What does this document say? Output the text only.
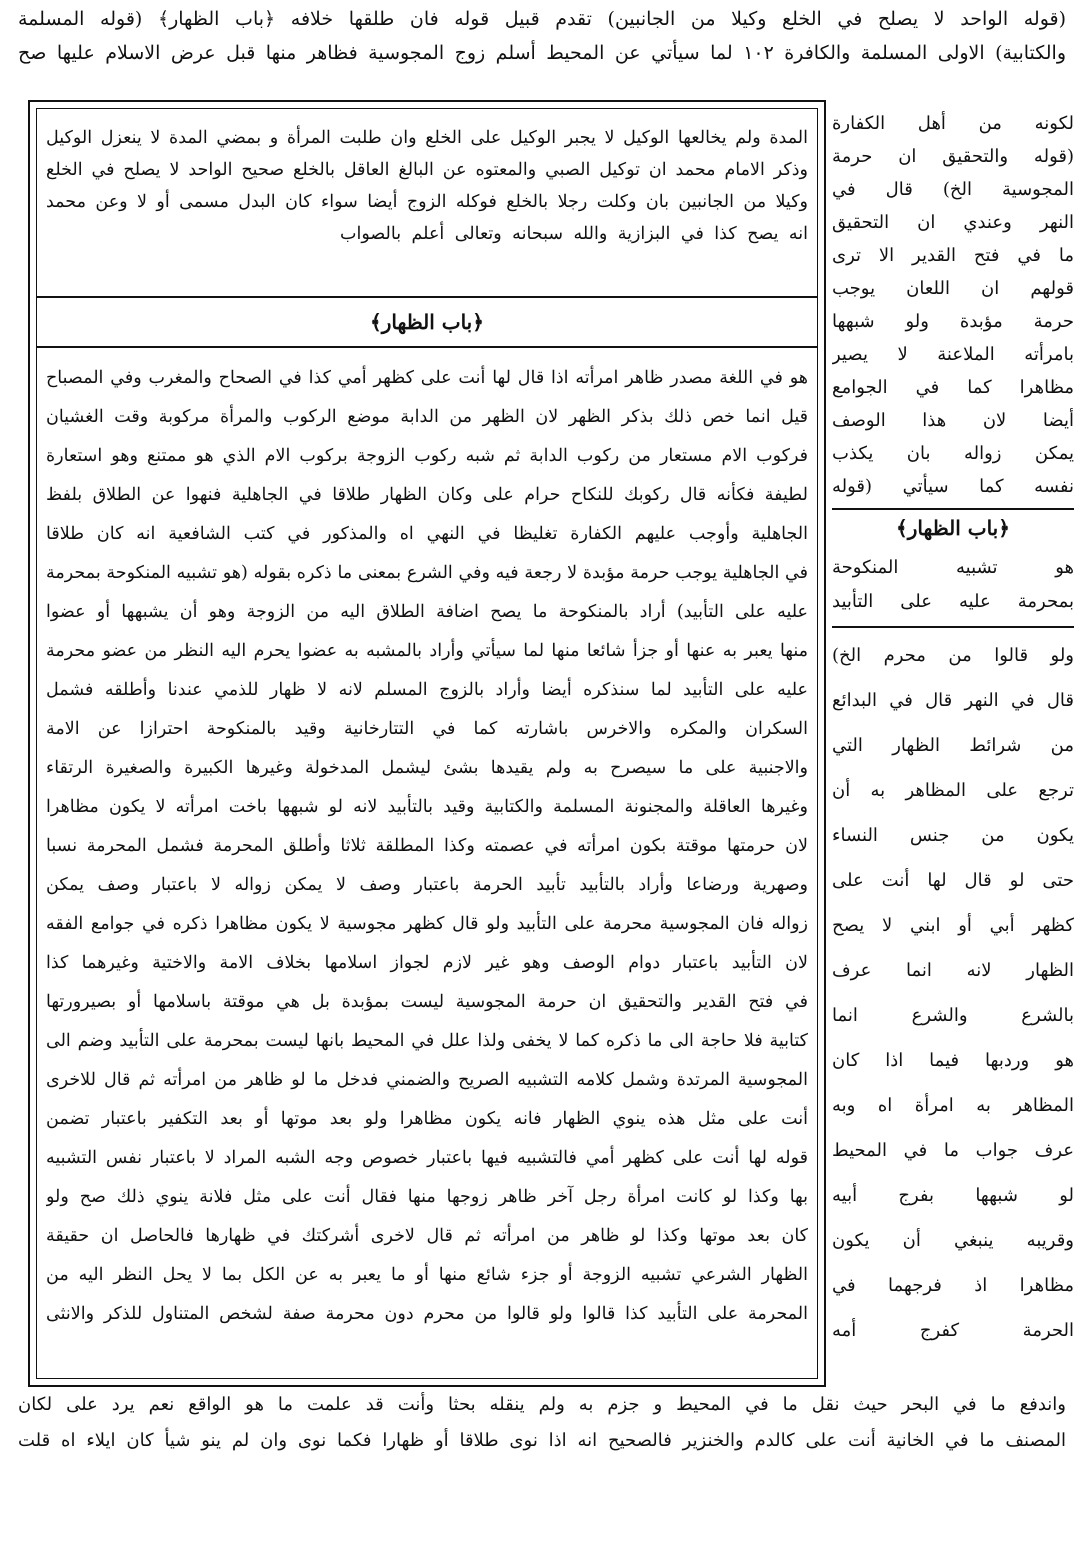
(قوله الواحد لا يصلح في الخلع وكيلا من الجانبين) تقدم قبيل قوله فان طلقها خلافه ﴿باب الظهار﴾ (قوله المسلمة
والكتابية) الاولى المسلمة والكافرة ١٠٢ لما سيأتي عن المحيط أسلم زوج المجوسية فظاهر منها قبل عرض الاسلام عليها صح
المدة ولم يخالعها الوكيل لا يجبر الوكيل على الخلع وان طلبت المرأة و بمضي المدة لا ينعزل الوكيل
وذكر الامام محمد ان توكيل الصبي والمعتوه عن البالغ العاقل بالخلع صحيح الواحد لا يصلح في الخلع
وكيلا من الجانبين بان وكلت رجلا بالخلع فوكله الزوج أيضا سواء كان البدل مسمى أو لا وعن محمد
انه يصح كذا في البزازية والله سبحانه وتعالى أعلم بالصواب
﴿باب الظهار﴾
هو في اللغة مصدر ظاهر امرأته اذا قال لها أنت على كظهر أمي كذا في الصحاح والمغرب وفي المصباح
قيل انما خص ذلك بذكر الظهر لان الظهر من الدابة موضع الركوب والمرأة مركوبة وقت الغشيان
فركوب الام مستعار من ركوب الدابة ثم شبه ركوب الزوجة بركوب الام الذي هو ممتنع وهو استعارة
لطيفة فكأنه قال ركوبك للنكاح حرام على وكان الظهار طلاقا في الجاهلية فنهوا عن الطلاق بلفظ
الجاهلية وأوجب عليهم الكفارة تغليظا في النهي اه والمذكور في كتب الشافعية انه كان طلاقا
في الجاهلية يوجب حرمة مؤبدة لا رجعة فيه وفي الشرع بمعنى ما ذكره بقوله (هو تشبيه المنكوحة بمحرمة
عليه على التأبيد) أراد بالمنكوحة ما يصح اضافة الطلاق اليه من الزوجة وهو أن يشبهها أو عضوا
منها يعبر به عنها أو جزأ شائعا منها لما سيأتي وأراد بالمشبه به عضوا يحرم اليه النظر من عضو محرمة
عليه على التأبيد لما سنذكره أيضا وأراد بالزوج المسلم لانه لا ظهار للذمي عندنا وأطلقه فشمل
السكران والمكره والاخرس باشارته كما في التتارخانية وقيد بالمنكوحة احترازا عن الامة
والاجنبية على ما سيصرح به ولم يقيدها بشئ ليشمل المدخولة وغيرها الكبيرة والصغيرة الرتقاء
وغيرها العاقلة والمجنونة المسلمة والكتابية وقيد بالتأبيد لانه لو شبهها باخت امرأته لا يكون مظاهرا
لان حرمتها موقتة بكون امرأته في عصمته وكذا المطلقة ثلاثا وأطلق المحرمة فشمل المحرمة نسبا
وصهرية ورضاعا وأراد بالتأبيد تأبيد الحرمة باعتبار وصف لا يمكن زواله لا باعتبار وصف يمكن
زواله فان المجوسية محرمة على التأبيد ولو قال كظهر مجوسية لا يكون مظاهرا ذكره في جوامع الفقه
لان التأبيد باعتبار دوام الوصف وهو غير لازم لجواز اسلامها بخلاف الامة والاختية وغيرهما كذا
في فتح القدير والتحقيق ان حرمة المجوسية ليست بمؤبدة بل هي موقتة باسلامها أو بصيرورتها
كتابية فلا حاجة الى ما ذكره كما لا يخفى ولذا علل في المحيط بانها ليست بمحرمة على التأبيد وضم الى
المجوسية المرتدة وشمل كلامه التشبيه الصريح والضمني فدخل ما لو ظاهر من امرأته ثم قال للاخرى
أنت على مثل هذه ينوي الظهار فانه يكون مظاهرا ولو بعد موتها أو بعد التكفير باعتبار تضمن
قوله لها أنت على كظهر أمي فالتشبيه فيها باعتبار خصوص وجه الشبه المراد لا باعتبار نفس التشبيه
بها وكذا لو كانت امرأة رجل آخر ظاهر زوجها منها فقال أنت على مثل فلانة ينوي ذلك صح ولو
كان بعد موتها وكذا لو ظاهر من امرأته ثم قال لاخرى أشركتك في ظهارها فالحاصل ان حقيقة
الظهار الشرعي تشبيه الزوجة أو جزء شائع منها أو ما يعبر به عن الكل بما لا يحل النظر اليه من
المحرمة على التأبيد كذا قالوا ولو قالوا من محرم دون محرمة صفة لشخص المتناول للذكر والانثى
لكونه من أهل الكفارة
(قوله والتحقيق ان حرمة
المجوسية الخ) قال في
النهر وعندي ان التحقيق
ما في فتح القدير الا ترى
قولهم ان اللعان يوجب
حرمة مؤبدة ولو شبهها
بامرأته الملاعنة لا يصير
مظاهرا كما في الجوامع
أيضا لان هذا الوصف
يمكن زواله بان يكذب
نفسه كما سيأتي (قوله
﴿باب الظهار﴾
هو تشبيه المنكوحة
بمحرمة عليه على التأبيد
ولو قالوا من محرم الخ)
قال في النهر قال في البدائع
من شرائط الظهار التي
ترجع على المظاهر به أن
يكون من جنس النساء
حتى لو قال لها أنت على
كظهر أبي أو ابني لا يصح
الظهار لانه انما عرف
بالشرع والشرع انما
هو وردبها فيما اذا كان
المظاهر به امرأة اه وبه
عرف جواب ما في المحيط
لو شبهها بفرج أبيه
وقريبه ينبغي أن يكون
مظاهرا اذ فرجهما في
الحرمة كفرج أمه
واندفع ما في البحر حيث نقل ما في المحيط و جزم به ولم ينقله بحثا وأنت قد علمت ما هو الواقع نعم يرد على لكان
المصنف ما في الخانية أنت على كالدم والخنزير فالصحيح انه اذا نوى طلاقا أو ظهارا فكما نوى وان لم ينو شيأ كان ايلاء اه قلت
